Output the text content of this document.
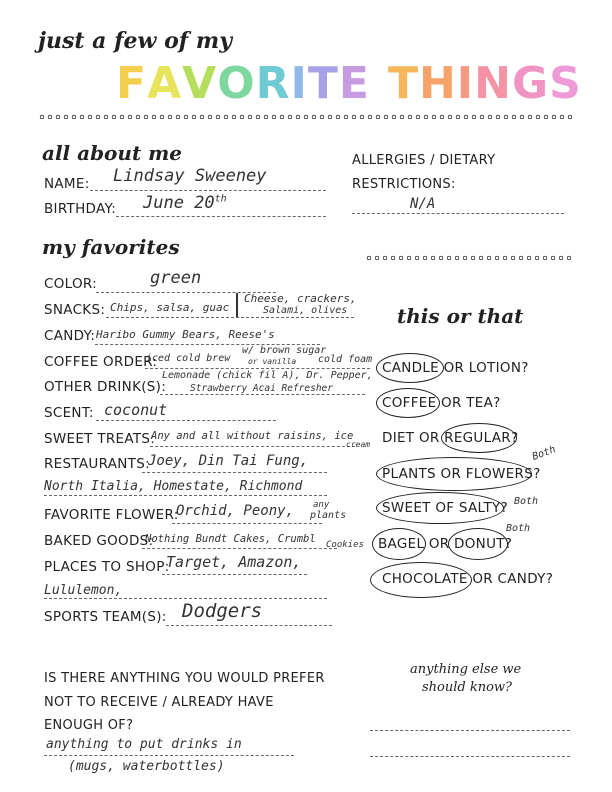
just a few of my
FAVORITE THINGS
all about me
NAME: Lindsay Sweeney
BIRTHDAY: June 20th
ALLERGIES / DIETARY
RESTRICTIONS:
N/A
my favorites
COLOR:	green
SNACKS: Chips, salsa, guac
Cheese, crackers,
Salami, olives
CANDY: Haribo Gummy Bears, Reese's
COFFEE ORDER:
iced cold brew
w/ brown sugar
or vanilla cold foam
OTHER DRINK(S):
Lemonade (chick fil A), Dr. Pepper,
Strawberry Acai Refresher
SCENT: coconut
SWEET TREATS:
Any and all without raisins, ice
cream
RESTAURANTS:
Joey, Din Tai Fung,
North Italia, Homestate, Richmond
FAVORITE FLOWER:
Orchid, Peony, any
plants
BAKED GOODS:
Nothing Bundt Cakes, Crumbl Cookies
PLACES TO SHOP:
Target, Amazon,
Lululemon,
SPORTS TEAM(S): Dodgers
this or that
CANDLE OR LOTION?
COFFEE OR TEA?
DIET OR REGULAR?
PLANTS OR FLOWERS?
Both
SWEET OF SALTY? Both
BAGEL OR DONUT?
Both
CHOCOLATE OR CANDY?
IS THERE ANYTHING YOU WOULD PREFER
NOT TO RECEIVE / ALREADY HAVE
ENOUGH OF?
anything to put drinks in
(mugs, waterbottles)
anything else we
should know?
